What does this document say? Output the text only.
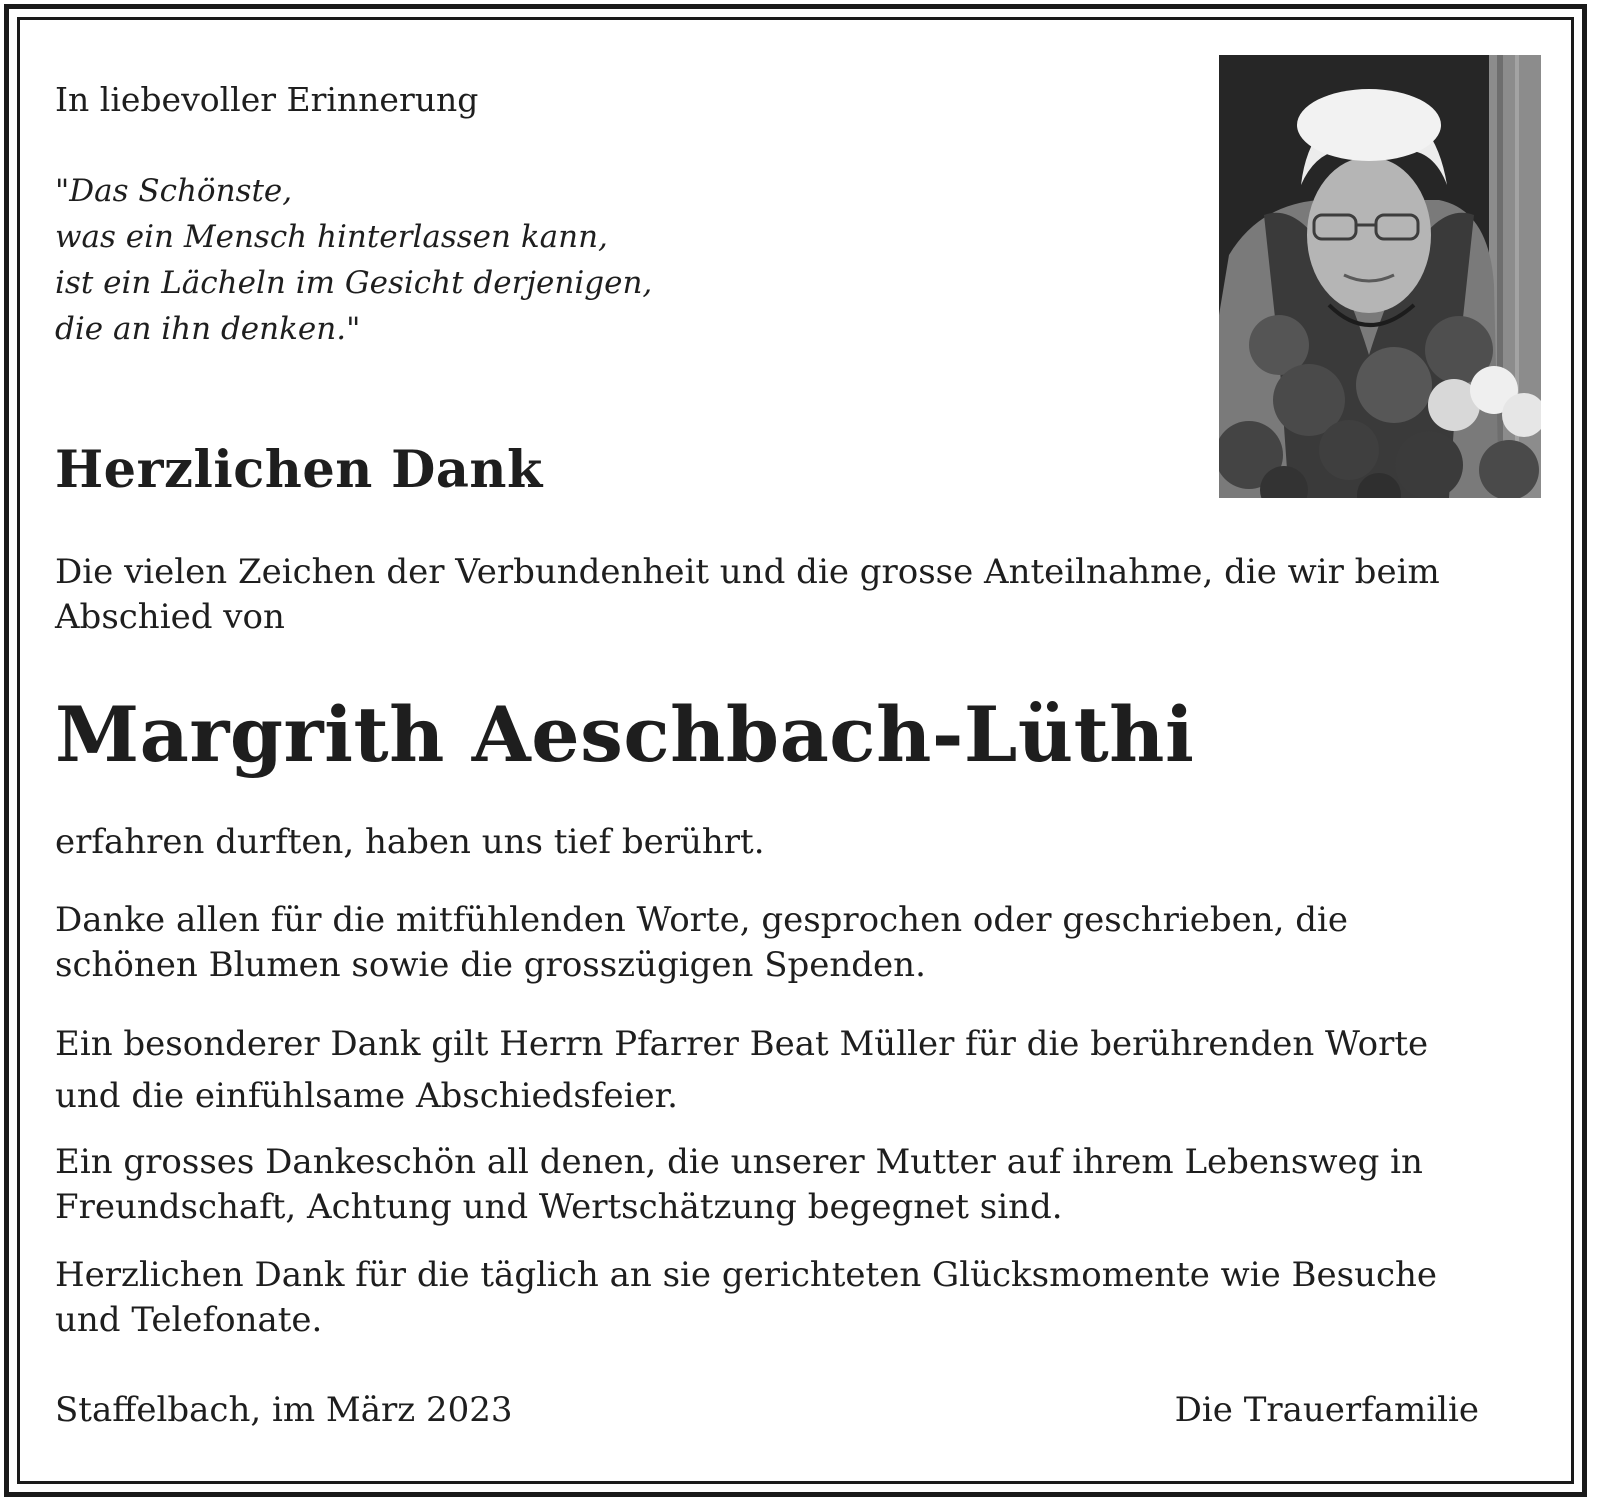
In liebevoller Erinnerung

"Das Schönste,
was ein Mensch hinterlassen kann,
ist ein Lächeln im Gesicht derjenigen,
die an ihn denken."

Herzlichen Dank

Die vielen Zeichen der Verbundenheit und die grosse Anteilnahme, die wir beim
Abschied von

Margrith Aeschbach-Lüthi

erfahren durften, haben uns tief berührt.

Danke allen für die mitfühlenden Worte, gesprochen oder geschrieben, die
schönen Blumen sowie die grosszügigen Spenden.

Ein besonderer Dank gilt Herrn Pfarrer Beat Müller für die berührenden Worte
und die einfühlsame Abschiedsfeier.

Ein grosses Dankeschön all denen, die unserer Mutter auf ihrem Lebensweg in
Freundschaft, Achtung und Wertschätzung begegnet sind.

Herzlichen Dank für die täglich an sie gerichteten Glücksmomente wie Besuche
und Telefonate.

Staffelbach, im März 2023	Die Trauerfamilie
